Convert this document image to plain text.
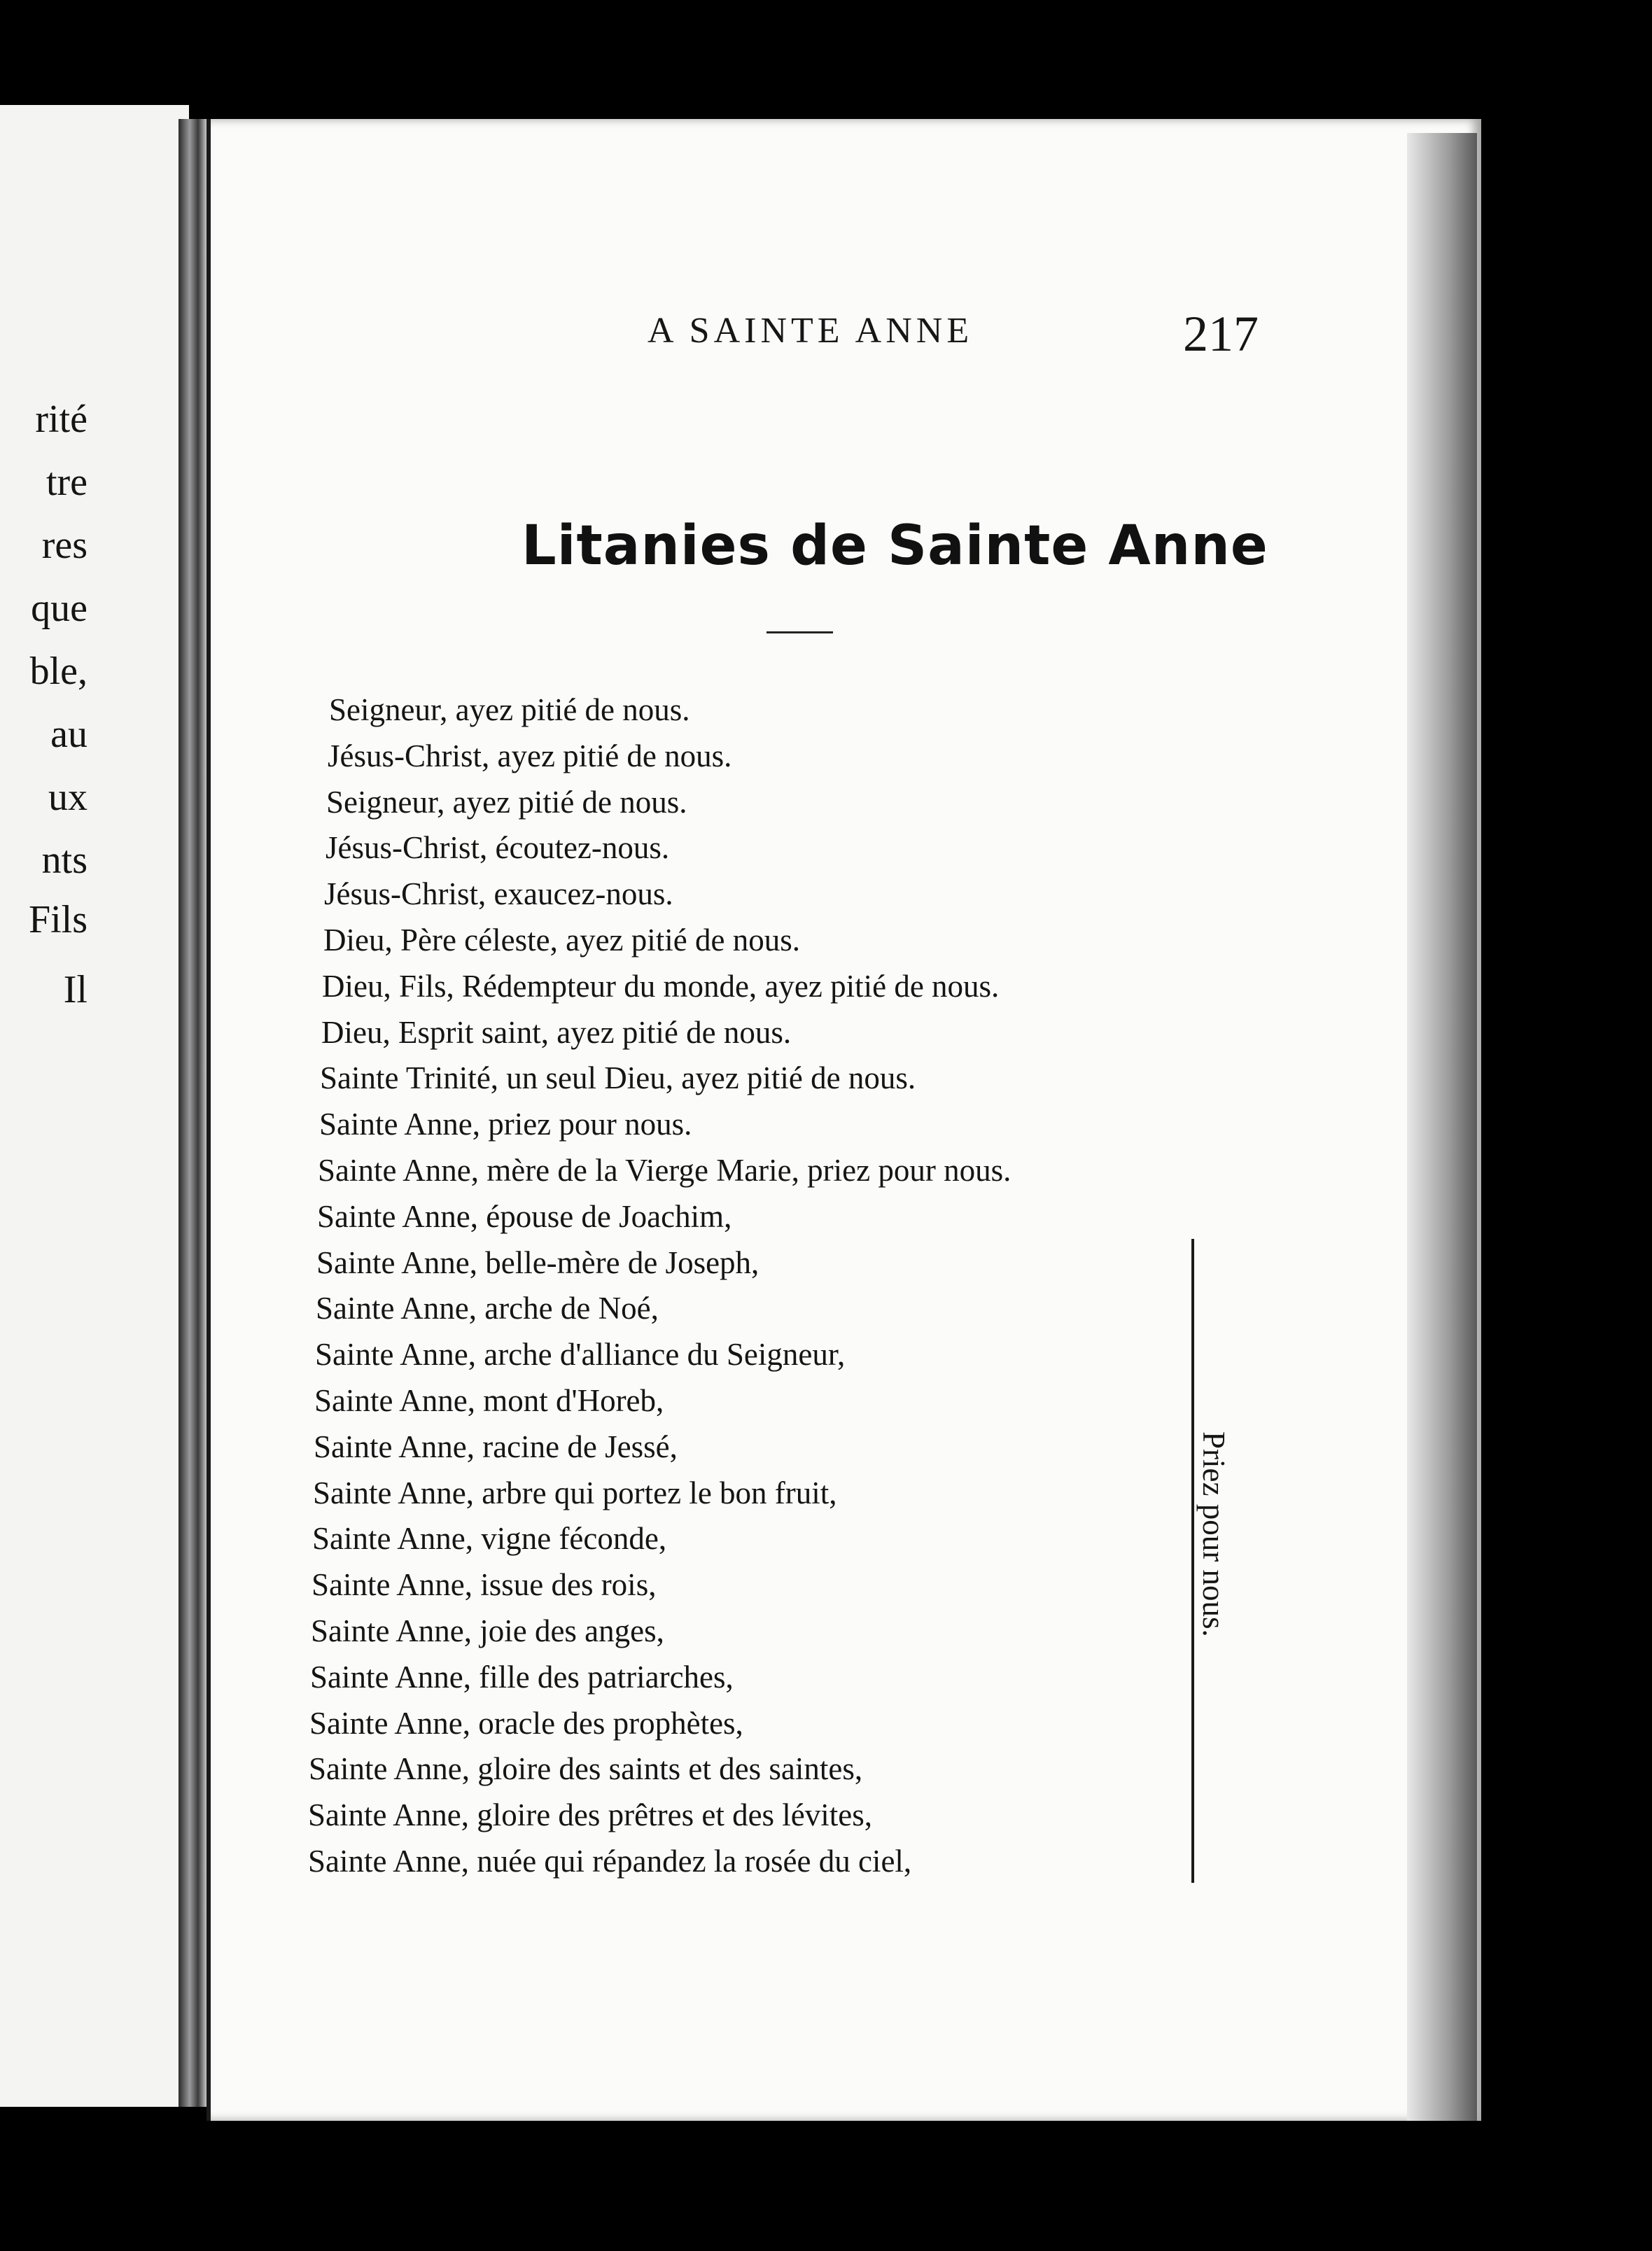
rité
tre
res
que
ble,
au
ux
nts
Fils
Il
A SAINTE ANNE	217
Litanies de Sainte Anne
Seigneur, ayez pitié de nous.
Jésus-Christ, ayez pitié de nous.
Seigneur, ayez pitié de nous.
Jésus-Christ, écoutez-nous.
Jésus-Christ, exaucez-nous.
Dieu, Père céleste, ayez pitié de nous.
Dieu, Fils, Rédempteur du monde, ayez pitié de nous.
Dieu, Esprit saint, ayez pitié de nous.
Sainte Trinité, un seul Dieu, ayez pitié de nous.
Sainte Anne, priez pour nous.
Sainte Anne, mère de la Vierge Marie, priez pour nous.
Sainte Anne, épouse de Joachim,
Sainte Anne, belle-mère de Joseph,
Sainte Anne, arche de Noé,
Sainte Anne, arche d'alliance du Seigneur,
Sainte Anne, mont d'Horeb,
Sainte Anne, racine de Jessé,
Sainte Anne, arbre qui portez le bon fruit,
Sainte Anne, vigne féconde,
Sainte Anne, issue des rois,
Sainte Anne, joie des anges,
Sainte Anne, fille des patriarches,
Sainte Anne, oracle des prophètes,
Sainte Anne, gloire des saints et des saintes,
Sainte Anne, gloire des prêtres et des lévites,
Sainte Anne, nuée qui répandez la rosée du ciel,
Priez pour nous.
